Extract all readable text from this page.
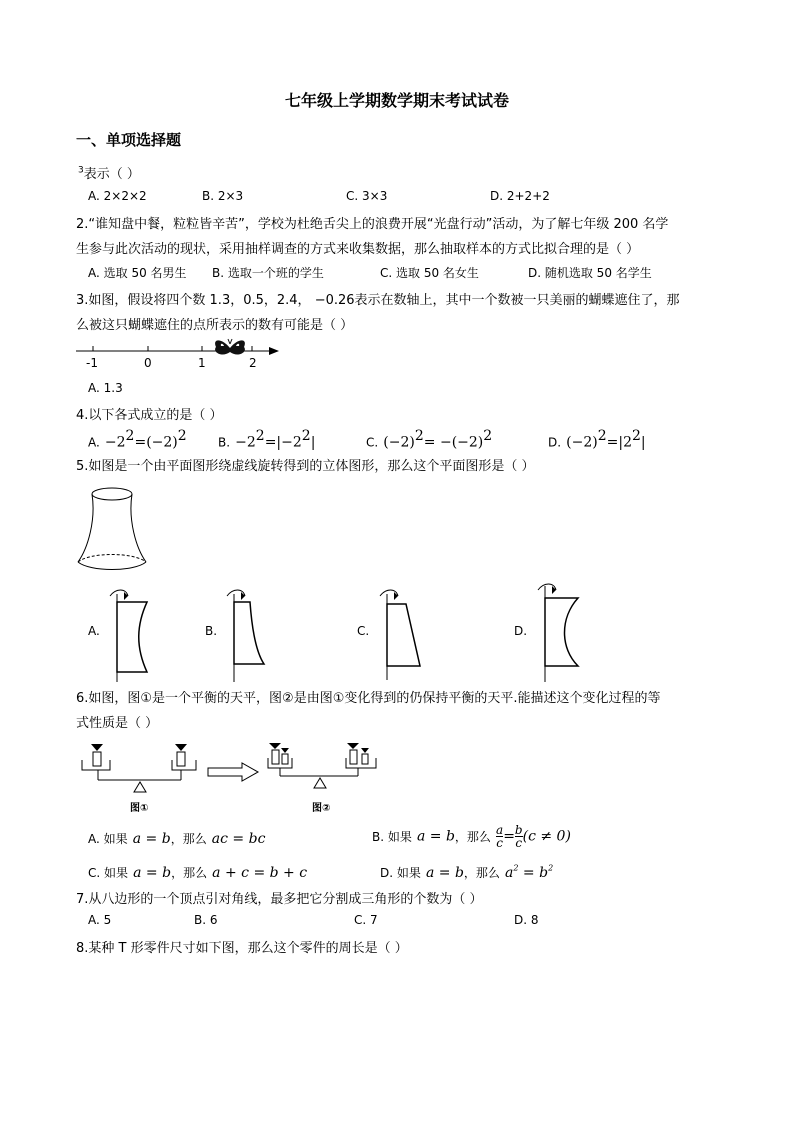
七年级上学期数学期末考试试卷
一、单项选择题
$^3$表示（ ）
A. 2×2×2	B. 2×3	C. 3×3	D. 2+2+2
2.“谁知盘中餐，粒粒皆辛苦”，学校为杜绝舌尖上的浪费开展“光盘行动”活动，为了解七年级 200 名学
生参与此次活动的现状，采用抽样调查的方式来收集数据，那么抽取样本的方式比拟合理的是（ ）
A. 选取 50 名男生 B. 选取一个班的学生	C. 选取 50 名女生	D. 随机选取 50 名学生
3.如图，假设将四个数 1.3，0.5，2.4， −0.26表示在数轴上，其中一个数被一只美丽的蝴蝶遮住了，那
么被这只蝴蝶遮住的点所表示的数有可能是（ ）
-1	0	1	2
A. 1.3
4.以下各式成立的是（ ）
A. $-2^2=(-2)^2$	B. $-2^2=|-2^2|$	C. $(-2)^2= -(-2)^2$	D. $(-2)^2=|2^2|$
5.如图是一个由平面图形绕虚线旋转得到的立体图形，那么这个平面图形是（ ）
A.	B.	C.	D.
6.如图，图①是一个平衡的天平，图②是由图①变化得到的仍保持平衡的天平.能描述这个变化过程的等
式性质是（ ）
图①	图②
A. 如果 a = b，那么 ac = bc	B. 如果 a = b，那么 $\frac{a}{c} = \frac{b}{c} (c \ne 0)$
C. 如果 a = b，那么 a + c = b + c	D. 如果 a = b，那么 $a^2 = b^2$
7.从八边形的一个顶点引对角线，最多把它分割成三角形的个数为（ ）
A. 5	B. 6	C. 7	D. 8
8.某种 T 形零件尺寸如下图，那么这个零件的周长是（ ）
